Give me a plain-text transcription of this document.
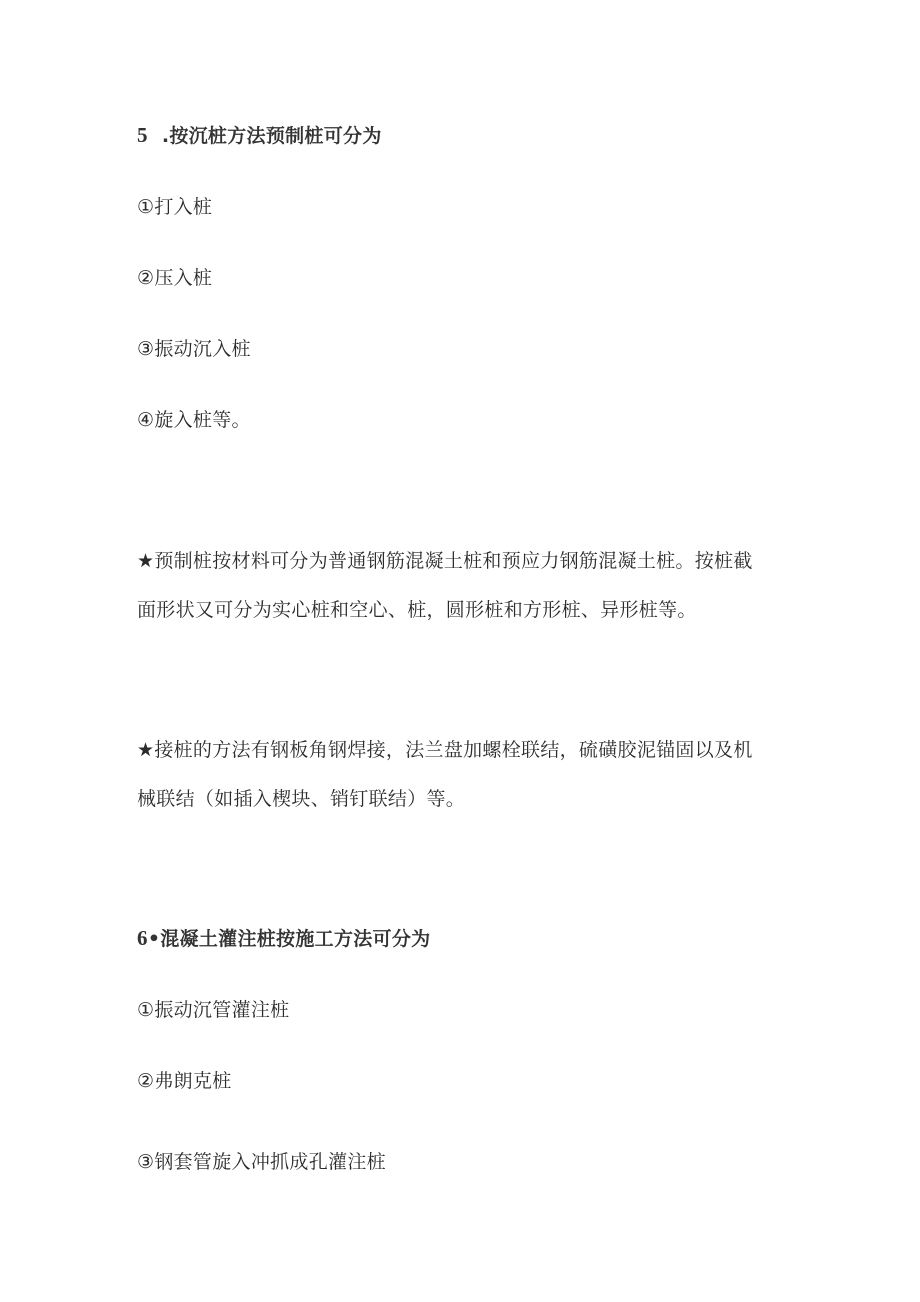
5 .按沉桩方法预制桩可分为
①打入桩
②压入桩
③振动沉入桩
④旋入桩等。
★预制桩按材料可分为普通钢筋混凝土桩和预应力钢筋混凝土桩。按桩截
面形状又可分为实心桩和空心、桩，圆形桩和方形桩、异形桩等。
★接桩的方法有钢板角钢焊接，法兰盘加螺栓联结，硫磺胶泥锚固以及机
械联结（如插入楔块、销钉联结）等。
6•混凝土灌注桩按施工方法可分为
①振动沉管灌注桩
②弗朗克桩
③钢套管旋入冲抓成孔灌注桩
